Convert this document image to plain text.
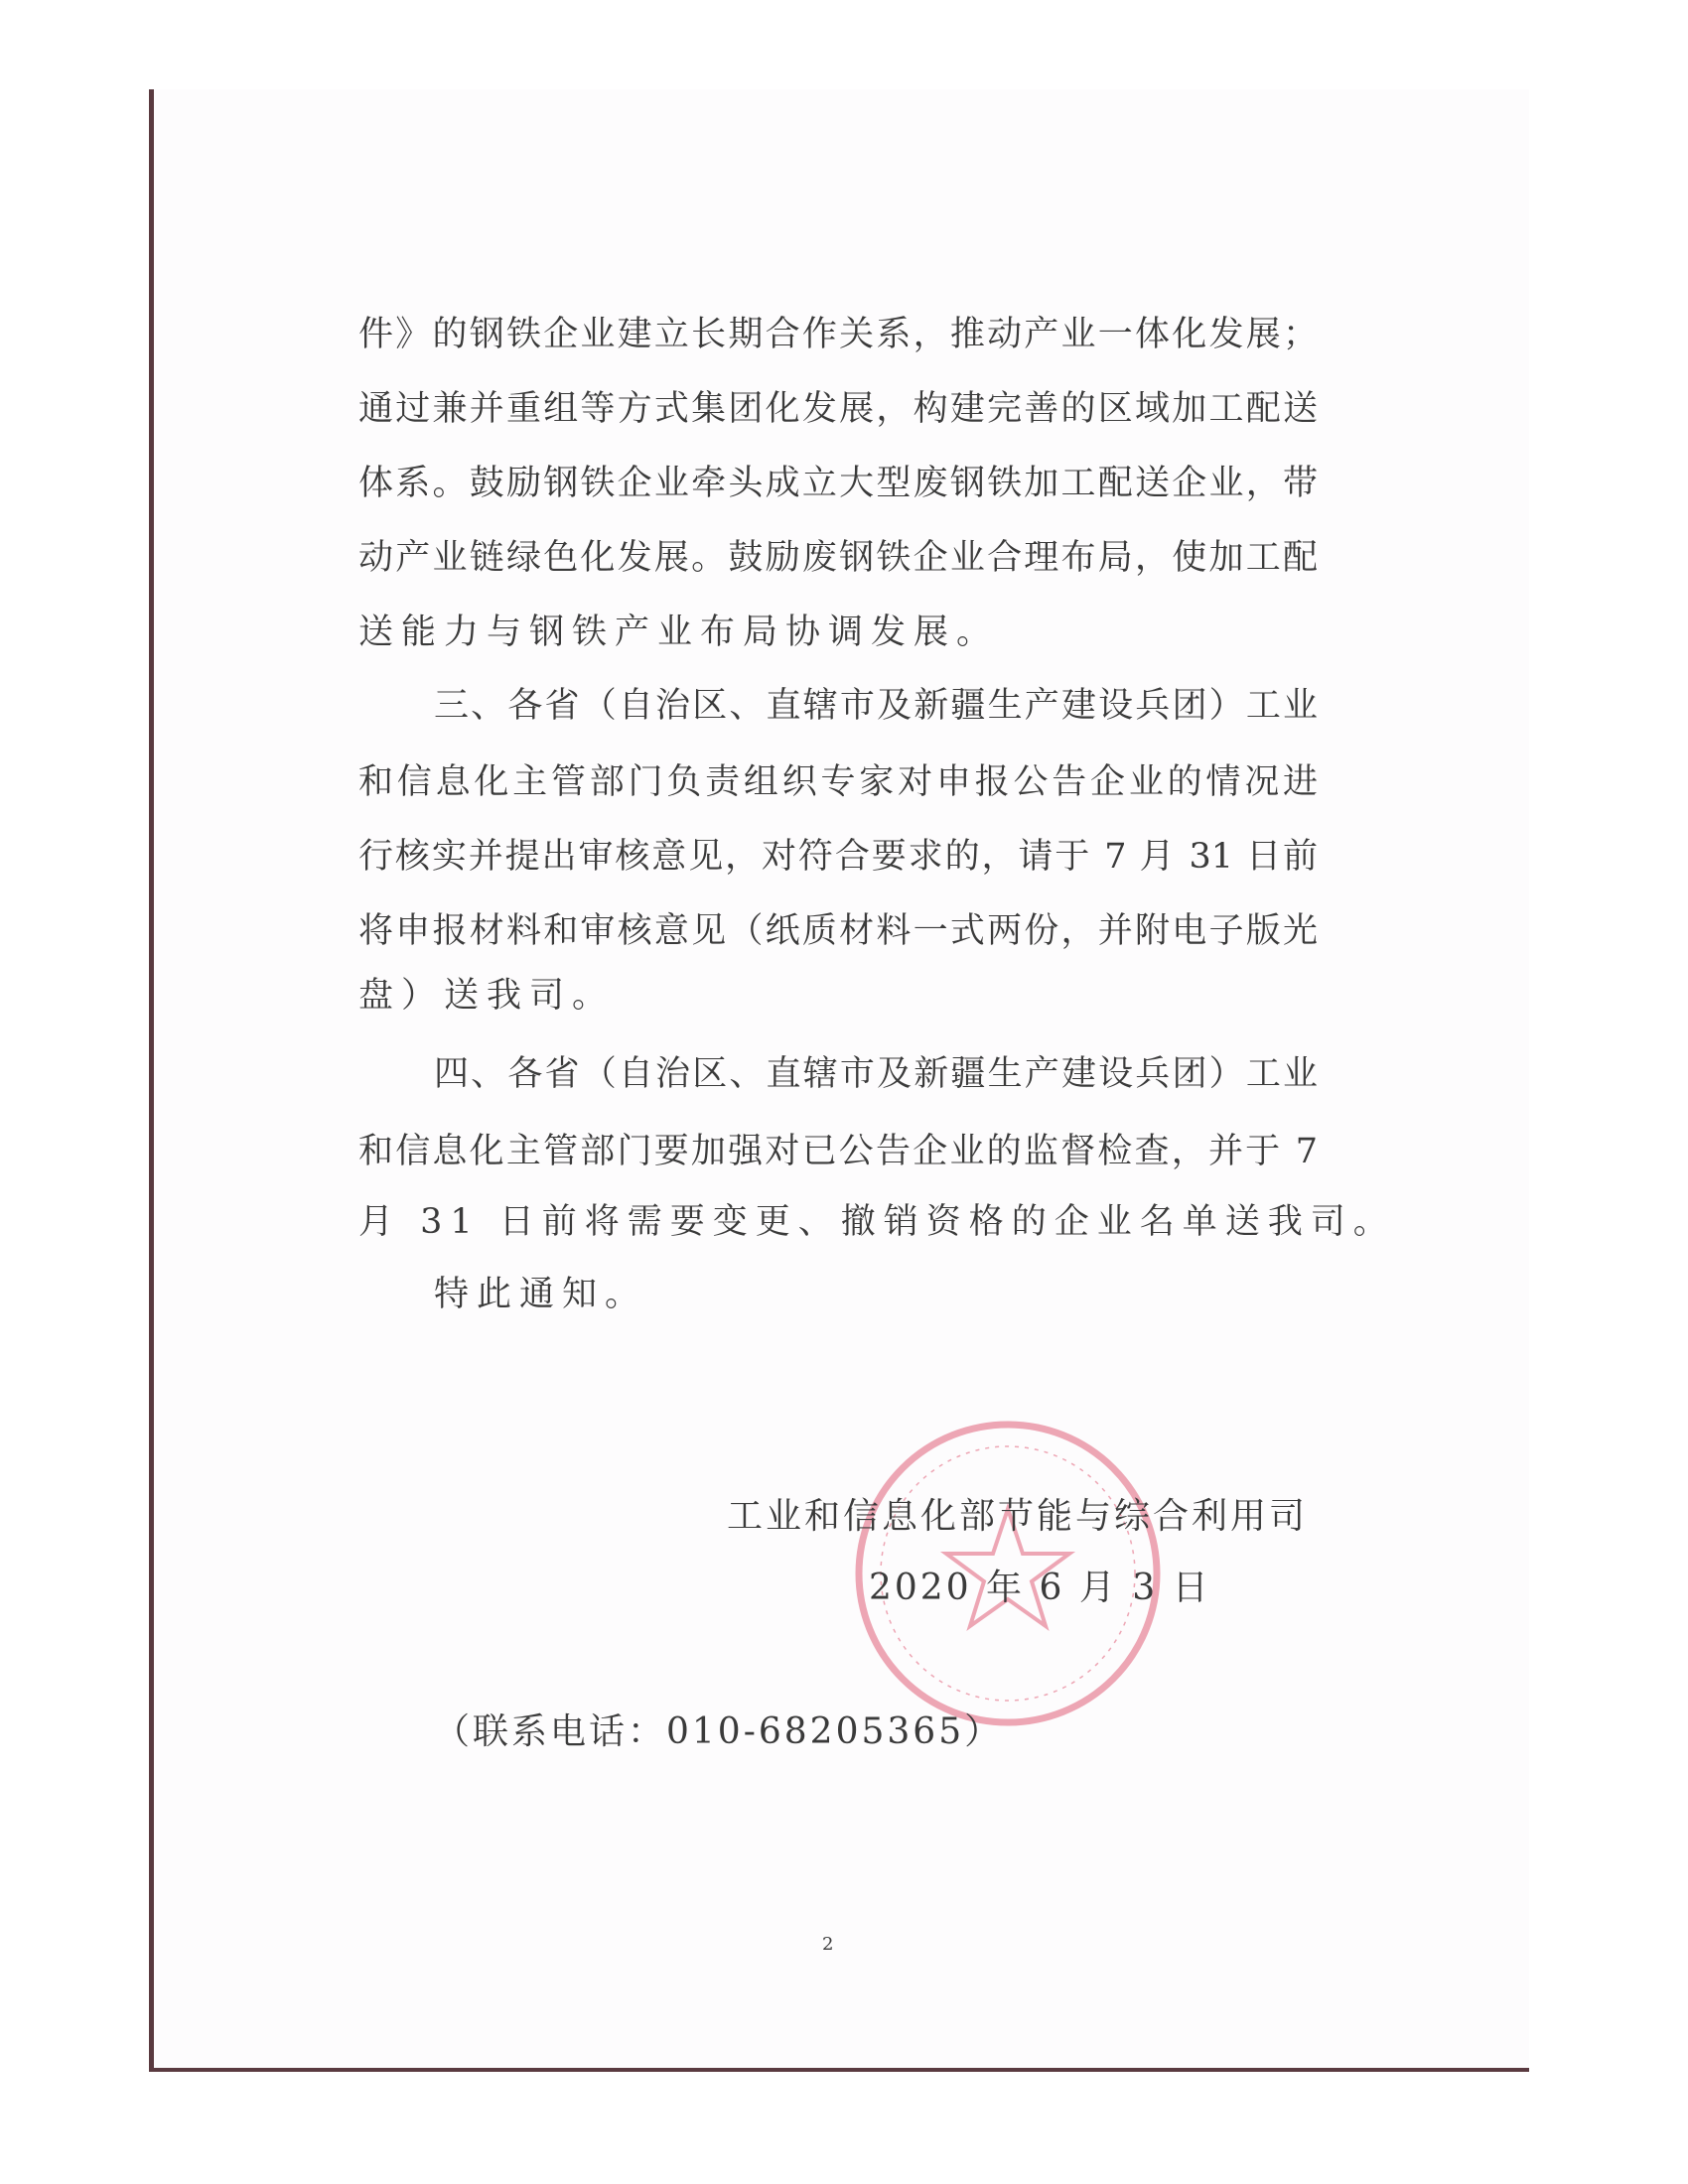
件》的钢铁企业建立长期合作关系，推动产业一体化发展；
通过兼并重组等方式集团化发展，构建完善的区域加工配送
体系。鼓励钢铁企业牵头成立大型废钢铁加工配送企业，带
动产业链绿色化发展。鼓励废钢铁企业合理布局，使加工配
送能力与钢铁产业布局协调发展。
三、各省（自治区、直辖市及新疆生产建设兵团）工业
和信息化主管部门负责组织专家对申报公告企业的情况进
行核实并提出审核意见，对符合要求的，请于 7 月 31 日前
将申报材料和审核意见（纸质材料一式两份，并附电子版光
盘）送我司。
四、各省（自治区、直辖市及新疆生产建设兵团）工业
和信息化主管部门要加强对已公告企业的监督检查，并于 7
月 31 日前将需要变更、撤销资格的企业名单送我司。
特此通知。
工业和信息化部节能与综合利用司
2020 年 6 月 3 日
（联系电话：010-68205365）
2
